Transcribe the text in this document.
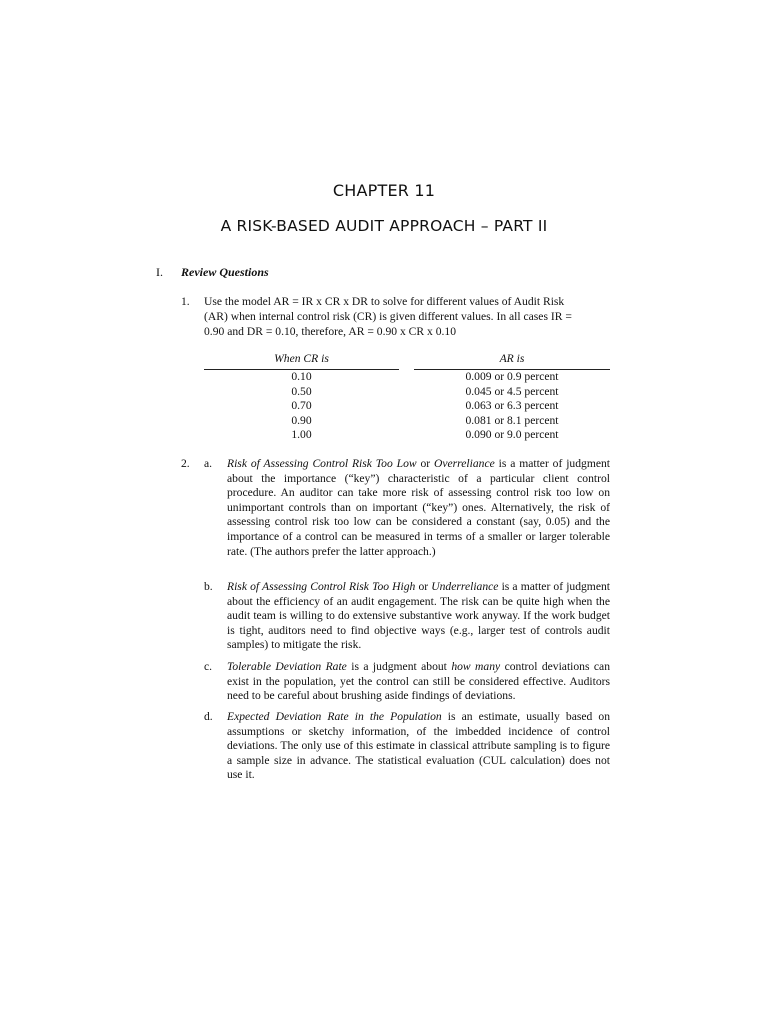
CHAPTER 11
A RISK-BASED AUDIT APPROACH – PART II
I. Review Questions
1. Use the model AR = IR x CR x DR to solve for different values of Audit Risk
(AR) when internal control risk (CR) is given different values. In all cases IR =
0.90 and DR = 0.10, therefore, AR = 0.90 x CR x 0.10
When CR is	AR is
0.10	0.009 or 0.9 percent
0.50	0.045 or 4.5 percent
0.70	0.063 or 6.3 percent
0.90	0.081 or 8.1 percent
1.00	0.090 or 9.0 percent
2. a. Risk of Assessing Control Risk Too Low or Overreliance is a matter of judgment about the importance (“key”) characteristic of a particular client control procedure. An auditor can take more risk of assessing control risk too low on unimportant controls than on important (“key”) ones. Alternatively, the risk of assessing control risk too low can be considered a constant (say, 0.05) and the importance of a control can be measured in terms of a smaller or larger tolerable rate. (The authors prefer the latter approach.)
b. Risk of Assessing Control Risk Too High or Underreliance is a matter of judgment about the efficiency of an audit engagement. The risk can be quite high when the audit team is willing to do extensive substantive work anyway. If the work budget is tight, auditors need to find objective ways (e.g., larger test of controls audit samples) to mitigate the risk.
c. Tolerable Deviation Rate is a judgment about how many control deviations can exist in the population, yet the control can still be considered effective. Auditors need to be careful about brushing aside findings of deviations.
d. Expected Deviation Rate in the Population is an estimate, usually based on assumptions or sketchy information, of the imbedded incidence of control deviations. The only use of this estimate in classical attribute sampling is to figure a sample size in advance. The statistical evaluation (CUL calculation) does not use it.
